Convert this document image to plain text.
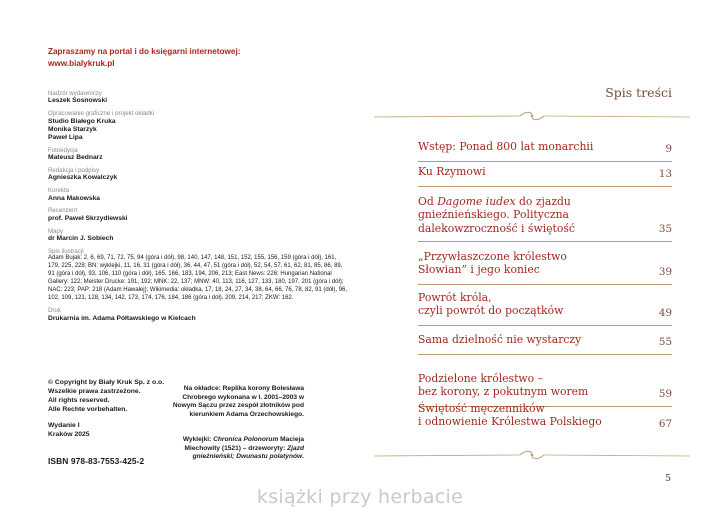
Zapraszamy na portal i do księgarni internetowej:
www.bialykruk.pl
Nadzór wydawniczy
Leszek Sosnowski
Opracowanie graficzne i projekt okładki
Studio Białego Kruka
Monika Starzyk
Paweł Lipa
Fotoedycja
Mateusz Bednarz
Redakcja i podpisy
Agnieszka Kowalczyk
Korekta
Anna Makowska
Recenzent
prof. Paweł Skrzydlewski
Mapy
dr Marcin J. Sobiech
Spis ilustracji
Adam Bujak: 2, 6, 69, 71, 72, 75, 94 (góra i dół), 98, 140, 147, 148, 151, 152, 155, 156, 159 (góra i dół), 161, 179, 225, 228; BN: wyklejki, 11, 16, 31 (góra i dół), 36, 44, 47, 51 (góra i dół), 52, 54, 57, 61, 62, 81, 85, 86, 89, 91 (góra i dół), 93, 106, 110 (góra i dół), 165, 166, 183, 194, 206, 213; East News: 226; Hungarian National Gallery: 122; Meister Drucke: 191, 192; MNK: 22, 137; MNW: 40, 113, 116, 127, 133, 180, 197, 201 (góra i dół); NAC: 223; PAP: 218 (Adam Hawałej); Wikimedia: okładka, 17, 18, 24, 27, 34, 38, 64, 66, 76, 78, 82, 91 (dół), 96, 102, 109, 121, 128, 134, 142, 173, 174, 176, 184, 186 (góra i dół), 209, 214, 217; ZKW: 162.
Druk
Drukarnia im. Adama Półtawskiego w Kielcach
© Copyright by Biały Kruk Sp. z o.o.
Wszelkie prawa zastrzeżone.
All rights reserved.
Alle Rechte vorbehalten.
Wydanie I
Kraków 2025
ISBN 978-83-7553-425-2
Na okładce: Replika korony Bolesława Chrobrego wykonana w l. 2001–2003 w Nowym Sączu przez zespół złotników pod kierunkiem Adama Orzechowskiego.
Wyklejki: Chronica Polonorum Macieja Miechowity (1521) – drzeworyty: Zjazd gnieźnieński; Dwunastu polatynów.
Spis treści
Wstęp: Ponad 800 lat monarchii	9
Ku Rzymowi	13
Od Dagome iudex do zjazdu gnieźnieńskiego. Polityczna dalekowzroczność i świętość	35
„Przywłaszczone królestwo Słowian” i jego koniec	39
Powrót króla,
czyli powrót do początków	49
Sama dzielność nie wystarczy	55
Podzielone królestwo –
bez korony, z pokutnym worem	59
Świętość męczenników
i odnowienie Królestwa Polskiego	67
5
książki przy herbacie
